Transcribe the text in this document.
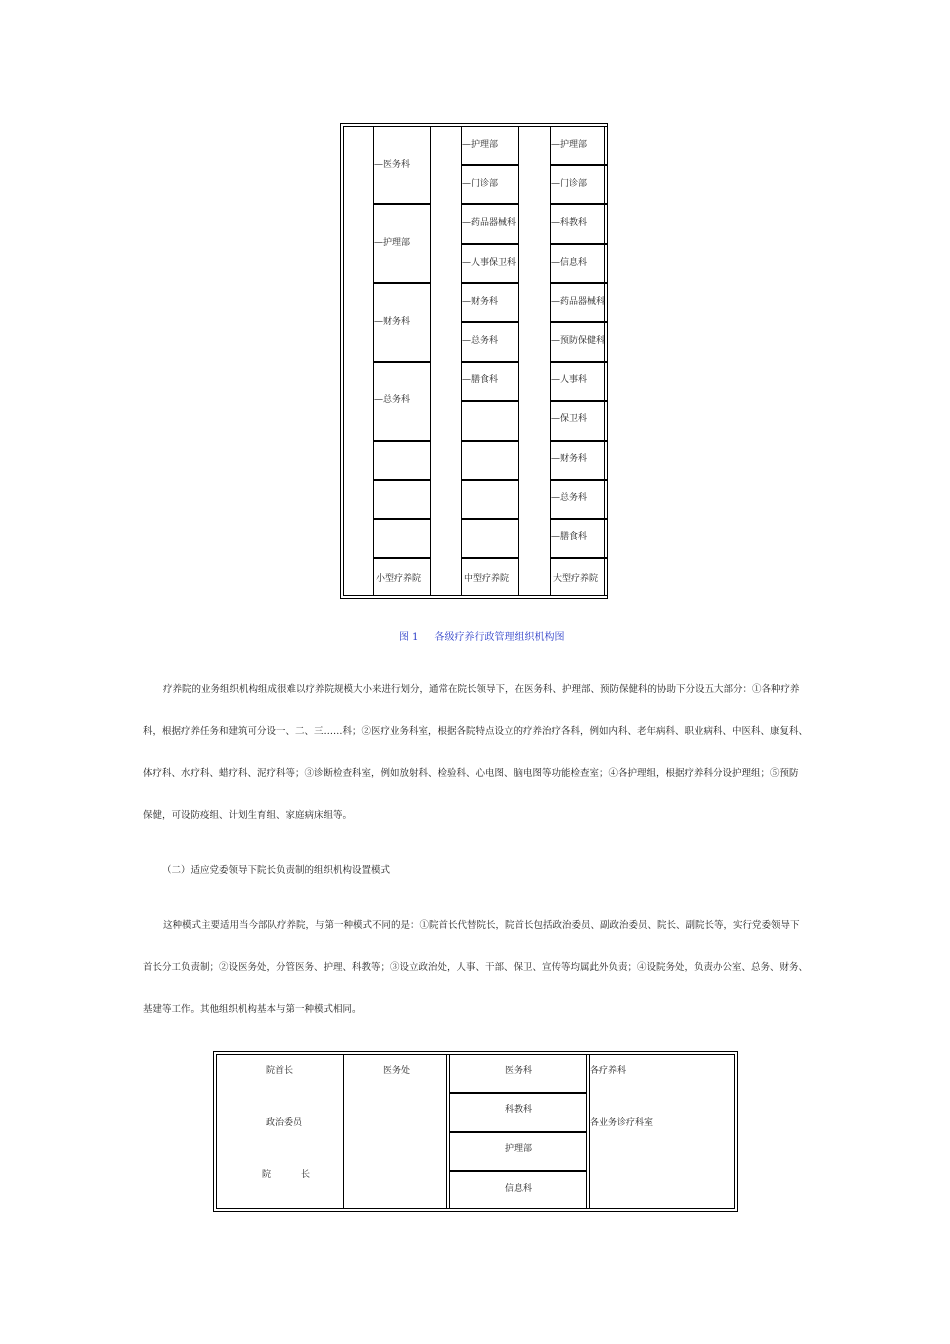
—医务科
—护理部
—财务科
—总务科
小型疗养院
—护理部
—门诊部
—药品器械科
—人事保卫科
—财务科
—总务科
—膳食科
中型疗养院
—护理部
—门诊部
—科教科
—信息科
—药品器械科
—预防保健科
—人事科
—保卫科
—财务科
—总务科
—膳食科
大型疗养院
图 1 各级疗养行政管理组织机构图
疗养院的业务组织机构组成很难以疗养院规模大小来进行划分，通常在院长领导下，在医务科、护理部、预防保健科的协助下分设五大部分：①各种疗养
科，根据疗养任务和建筑可分设一、二、三……科；②医疗业务科室，根据各院特点设立的疗养治疗各科，例如内科、老年病科、职业病科、中医科、康复科、
体疗科、水疗科、蜡疗科、泥疗科等；③诊断检查科室，例如放射科、检验科、心电图、脑电图等功能检查室；④各护理组，根据疗养科分设护理组；⑤预防
保健，可设防疫组、计划生育组、家庭病床组等。
（二）适应党委领导下院长负责制的组织机构设置模式
这种模式主要适用当今部队疗养院，与第一种模式不同的是：①院首长代替院长，院首长包括政治委员、副政治委员、院长、副院长等，实行党委领导下
首长分工负责制；②设医务处，分管医务、护理、科教等；③设立政治处，人事、干部、保卫、宣传等均属此外负责；④设院务处，负责办公室、总务、财务、
基建等工作。其他组织机构基本与第一种模式相同。
院首长
政治委员
院	长
医务处	医务科
科教科
护理部
信息科
各疗养科
各业务诊疗科室
